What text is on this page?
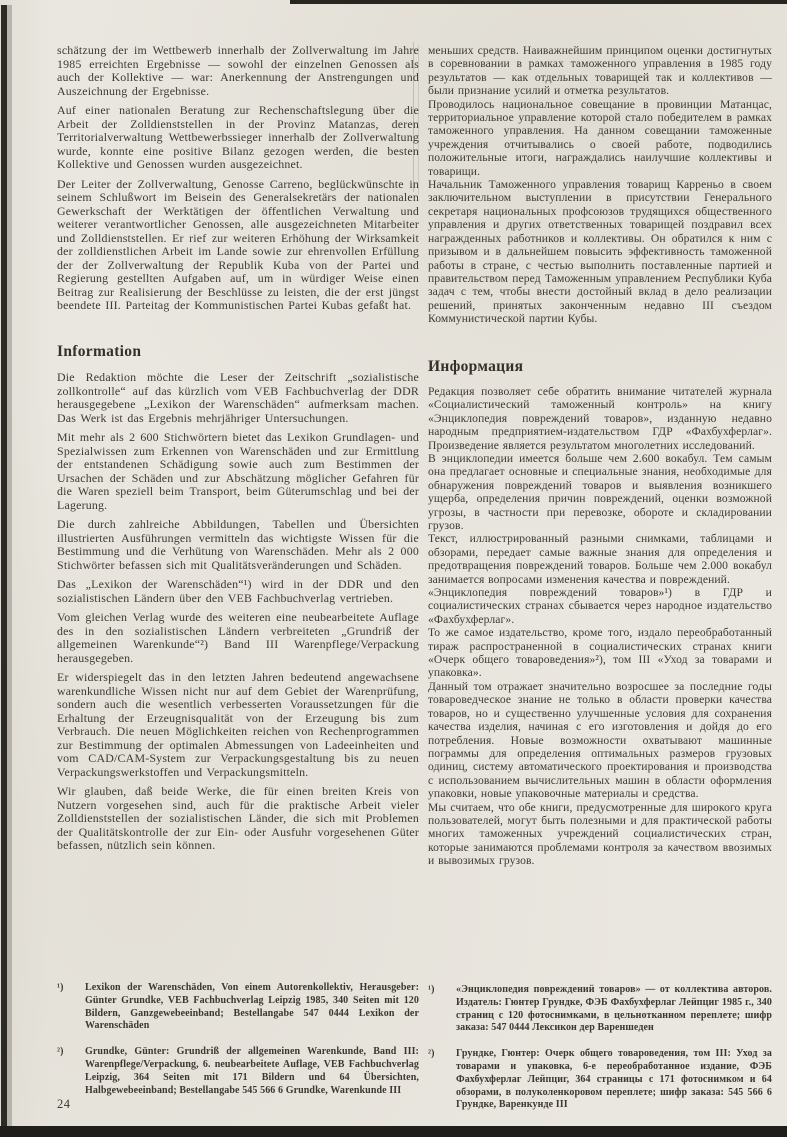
schätzung der im Wettbewerb innerhalb der Zollverwaltung im Jahre 1985 erreichten Ergebnisse — sowohl der einzelnen Genossen als auch der Kollektive — war: Anerkennung der Anstrengungen und Auszeichnung der Ergebnisse.

Auf einer nationalen Beratung zur Rechenschaftslegung über die Arbeit der Zolldienststellen in der Provinz Matanzas, deren Territorialverwaltung Wettbewerbssieger innerhalb der Zollverwaltung wurde, konnte eine positive Bilanz gezogen werden, die besten Kollektive und Genossen wurden ausgezeichnet.

Der Leiter der Zollverwaltung, Genosse Carreno, beglückwünschte in seinem Schlußwort im Beisein des Generalsekretärs der nationalen Gewerkschaft der Werktätigen der öffentlichen Verwaltung und weiterer verantwortlicher Genossen, alle ausgezeichneten Mitarbeiter und Zolldienststellen. Er rief zur weiteren Erhöhung der Wirksamkeit der zolldienstlichen Arbeit im Lande sowie zur ehrenvollen Erfüllung der der Zollverwaltung der Republik Kuba von der Partei und Regierung gestellten Aufgaben auf, um in würdiger Weise einen Beitrag zur Realisierung der Beschlüsse zu leisten, die der erst jüngst beendete III. Parteitag der Kommunistischen Partei Kubas gefaßt hat.

Information

Die Redaktion möchte die Leser der Zeitschrift „sozialistische zollkontrolle“ auf das kürzlich vom VEB Fachbuchverlag der DDR herausgegebene „Lexikon der Warenschäden“ aufmerksam machen. Das Werk ist das Ergebnis mehrjähriger Untersuchungen.

Mit mehr als 2 600 Stichwörtern bietet das Lexikon Grundlagen- und Spezialwissen zum Erkennen von Warenschäden und zur Ermittlung der entstandenen Schädigung sowie auch zum Bestimmen der Ursachen der Schäden und zur Abschätzung möglicher Gefahren für die Waren speziell beim Transport, beim Güterumschlag und bei der Lagerung.

Die durch zahlreiche Abbildungen, Tabellen und Übersichten illustrierten Ausführungen vermitteln das wichtigste Wissen für die Bestimmung und die Verhütung von Warenschäden. Mehr als 2 000 Stichwörter befassen sich mit Qualitätsveränderungen und Schäden.

Das „Lexikon der Warenschäden“¹) wird in der DDR und den sozialistischen Ländern über den VEB Fachbuchverlag vertrieben.

Vom gleichen Verlag wurde des weiteren eine neubearbeitete Auflage des in den sozialistischen Ländern verbreiteten „Grundriß der allgemeinen Warenkunde“²) Band III Warenpflege/Verpackung herausgegeben.

Er widerspiegelt das in den letzten Jahren bedeutend angewachsene warenkundliche Wissen nicht nur auf dem Gebiet der Warenprüfung, sondern auch die wesentlich verbesserten Voraussetzungen für die Erhaltung der Erzeugnisqualität von der Erzeugung bis zum Verbrauch. Die neuen Möglichkeiten reichen von Rechenprogrammen zur Bestimmung der optimalen Abmessungen von Ladeeinheiten und vom CAD/CAM-System zur Verpackungsgestaltung bis zu neuen Verpackungswerkstoffen und Verpackungsmitteln.

Wir glauben, daß beide Werke, die für einen breiten Kreis von Nutzern vorgesehen sind, auch für die praktische Arbeit vieler Zolldienststellen der sozialistischen Länder, die sich mit Problemen der Qualitätskontrolle der zur Ein- oder Ausfuhr vorgesehenen Güter befassen, nützlich sein können.

меньших средств. Наиважнейшим принципом оценки достигнутых в соревновании в рамках таможенного управления в 1985 году результатов — как отдельных товарищей так и коллективов — были признание усилий и отметка результатов.

Проводилось национальное совещание в провинции Матанцас, территориальное управление которой стало победителем в рамках таможенного управления. На данном совещании таможенные учреждения отчитывались о своей работе, подводились положительные итоги, награждались наилучшие коллективы и товарищи.

Начальник Таможенного управления товарищ Карреньо в своем заключительном выступлении в присутствии Генерального секретаря национальных профсоюзов трудящихся общественного управления и других ответственных товарищей поздравил всех награжденных работников и коллективы. Он обратился к ним с призывом и в дальнейшем повысить эффективность таможенной работы в стране, с честью выполнить поставленные партией и правительством перед Таможенным управлением Республики Куба задач с тем, чтобы внести достойный вклад в дело реализации решений, принятых законченным недавно III съездом Коммунистической партии Кубы.

Информация

Редакция позволяет себе обратить внимание читателей журнала «Социалистический таможенный контроль» на книгу «Энциклопедия повреждений товаров», изданную недавно народным предприятием-издательством ГДР «Фахбухферлаг». Произведение является результатом многолетних исследований.

В энциклопедии имеется больше чем 2.600 вокабул. Тем самым она предлагает основные и специальные знания, необходимые для обнаружения повреждений товаров и выявления возникшего ущерба, определения причин повреждений, оценки возможной угрозы, в частности при перевозке, обороте и складировании грузов.

Текст, иллюстрированный разными снимками, таблицами и обзорами, передает самые важные знания для определения и предотвращения повреждений товаров. Больше чем 2.000 вокабул занимается вопросами изменения качества и повреждений.

«Энциклопедия повреждений товаров»¹) в ГДР и социалистических странах сбывается через народное издательство «Фахбухферлаг».

То же самое издательство, кроме того, издало переобработанный тираж распространенной в социалистических странах книги «Очерк общего товароведения»²), том III «Уход за товарами и упаковка».

Данный том отражает значительно возросшее за последние годы товароведческое знание не только в области проверки качества товаров, но и существенно улучшенные условия для сохранения качества изделия, начиная с его изготовления и дойдя до его потребления. Новые возможности охватывают машинные пограммы для определения оптимальных размеров грузовых одиниц, систему автоматического проектирования и производства с использованием вычислительных машин в области оформления упаковки, новые упаковочные материалы и средства.

Мы считаем, что обе книги, предусмотренные для широкого круга пользователей, могут быть полезными и для практической работы многих таможенных учреждений социалистических стран, которые занимаются проблемами контроля за качеством ввозимых и вывозимых грузов.

¹) Lexikon der Warenschäden, Von einem Autorenkollektiv, Herausgeber: Günter Grundke, VEB Fachbuchverlag Leipzig 1985, 340 Seiten mit 120 Bildern, Ganzgewebeeinband; Bestellangabe 547 0444 Lexikon der Warenschäden

²) Grundke, Günter: Grundriß der allgemeinen Warenkunde, Band III: Warenpflege/Verpackung, 6. neubearbeitete Auflage, VEB Fachbuchverlag Leipzig, 364 Seiten mit 171 Bildern und 64 Übersichten, Halbgewebeeinband; Bestellangabe 545 566 6 Grundke, Warenkunde III

¹) «Энциклопедия повреждений товаров» — от коллектива авторов. Издатель: Гюнтер Грундке, ФЭБ Фахбухферлаг Лейпциг 1985 г., 340 страниц с 120 фотоснимками, в цельнотканном переплете; шифр заказа: 547 0444 Лексикон дер Вареншеден

²) Грундке, Гюнтер: Очерк общего товароведения, том III: Уход за товарами и упаковка, 6-е переобработанное издание, ФЭБ Фахбухферлаг Лейпциг, 364 страницы с 171 фотоснимком и 64 обзорами, в полуколенкоровом переплете; шифр заказа: 545 566 6 Грундке, Варенкунде III

24
